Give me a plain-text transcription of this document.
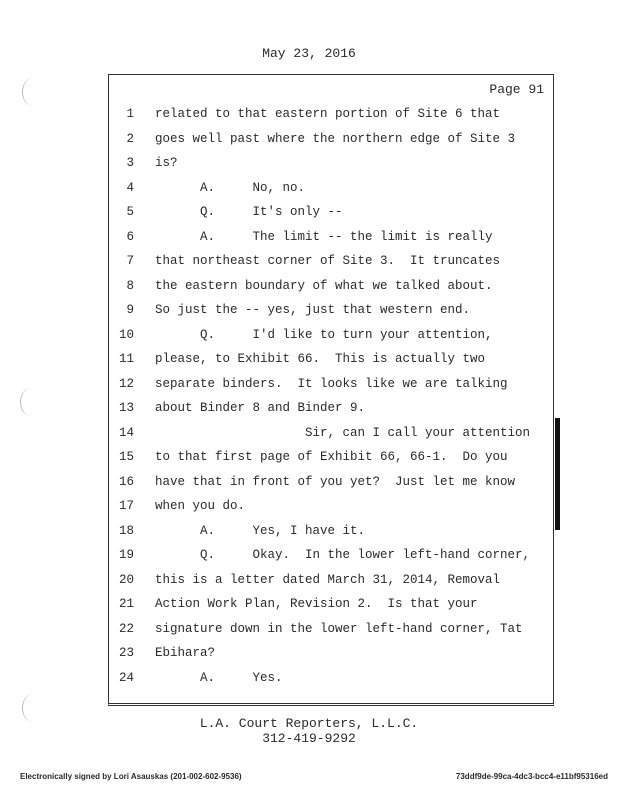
May 23, 2016
Page 91
1 related to that eastern portion of Site 6 that
2 goes well past where the northern edge of Site 3
3 is?
4 A.     No, no.
5 Q.     It's only --
6 A.     The limit -- the limit is really
7 that northeast corner of Site 3.  It truncates
8 the eastern boundary of what we talked about.
9 So just the -- yes, just that western end.
10 Q.     I'd like to turn your attention,
11 please, to Exhibit 66.  This is actually two
12 separate binders.  It looks like we are talking
13 about Binder 8 and Binder 9.
14 Sir, can I call your attention
15 to that first page of Exhibit 66, 66-1.  Do you
16 have that in front of you yet?  Just let me know
17 when you do.
18 A.     Yes, I have it.
19 Q.     Okay.  In the lower left-hand corner,
20 this is a letter dated March 31, 2014, Removal
21 Action Work Plan, Revision 2.  Is that your
22 signature down in the lower left-hand corner, Tat
23 Ebihara?
24 A.     Yes.
L.A. Court Reporters, L.L.C.
312-419-9292
Electronically signed by Lori Asauskas (201-002-602-9536)	73ddf9de-99ca-4dc3-bcc4-e11bf95316ed
